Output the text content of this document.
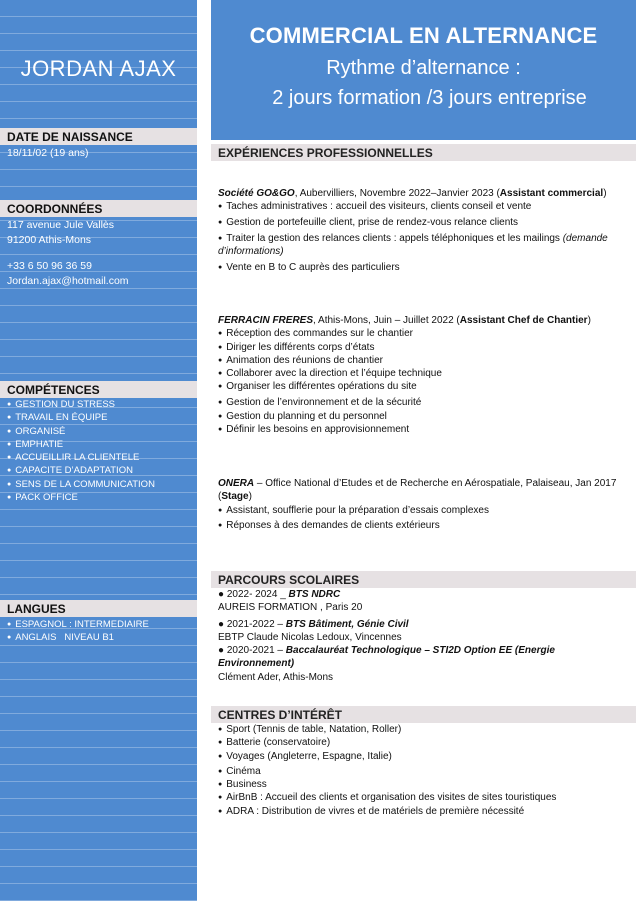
JORDAN AJAX
DATE DE NAISSANCE
18/11/02 (19 ans)
COORDONNÉES
117 avenue Jule Vallès
91200 Athis-Mons
+33 6 50 96 36 59
Jordan.ajax@hotmail.com
COMPÉTENCES
● GESTION DU STRESS
● TRAVAIL EN ÉQUIPE
● ORGANISÉ
● EMPHATIE
● ACCUEILLIR LA CLIENTELE
● CAPACITE D’ADAPTATION
● SENS DE LA COMMUNICATION
● PACK OFFICE
LANGUES
● ESPAGNOL : INTERMEDIAIRE
● ANGLAIS   NIVEAU B1
COMMERCIAL EN ALTERNANCE
Rythme d’alternance :
2 jours formation /3 jours entreprise
EXPÉRIENCES PROFESSIONNELLES
Société GO&GO, Aubervilliers, Novembre 2022–Janvier 2023 (Assistant commercial)
● Taches administratives : accueil des visiteurs, clients conseil et vente
● Gestion de portefeuille client, prise de rendez-vous relance clients
● Traiter la gestion des relances clients : appels téléphoniques et les mailings (demande d’informations)
● Vente en B to C auprès des particuliers
FERRACIN FRERES, Athis-Mons, Juin – Juillet 2022 (Assistant Chef de Chantier)
● Réception des commandes sur le chantier
● Diriger les différents corps d’états
● Animation des réunions de chantier
● Collaborer avec la direction et l’équipe technique
● Organiser les différentes opérations du site
● Gestion de l’environnement et de la sécurité
● Gestion du planning et du personnel
● Définir les besoins en approvisionnement
ONERA – Office National d’Etudes et de Recherche en Aérospatiale, Palaiseau, Jan 2017
(Stage)
● Assistant, soufflerie pour la préparation d’essais complexes
● Réponses à des demandes de clients extérieurs
PARCOURS SCOLAIRES
● 2022- 2024 _ BTS NDRC
AUREIS FORMATION , Paris 20
● 2021-2022 – BTS Bâtiment, Génie Civil
EBTP Claude Nicolas Ledoux, Vincennes
● 2020-2021 – Baccalauréat Technologique – STI2D Option EE (Energie Environnement)
Clément Ader, Athis-Mons
CENTRES D’INTÉRÊT
● Sport (Tennis de table, Natation, Roller)
● Batterie (conservatoire)
● Voyages (Angleterre, Espagne, Italie)
● Cinéma
● Business
● AirBnB : Accueil des clients et organisation des visites de sites touristiques
● ADRA : Distribution de vivres et de matériels de première nécessité
